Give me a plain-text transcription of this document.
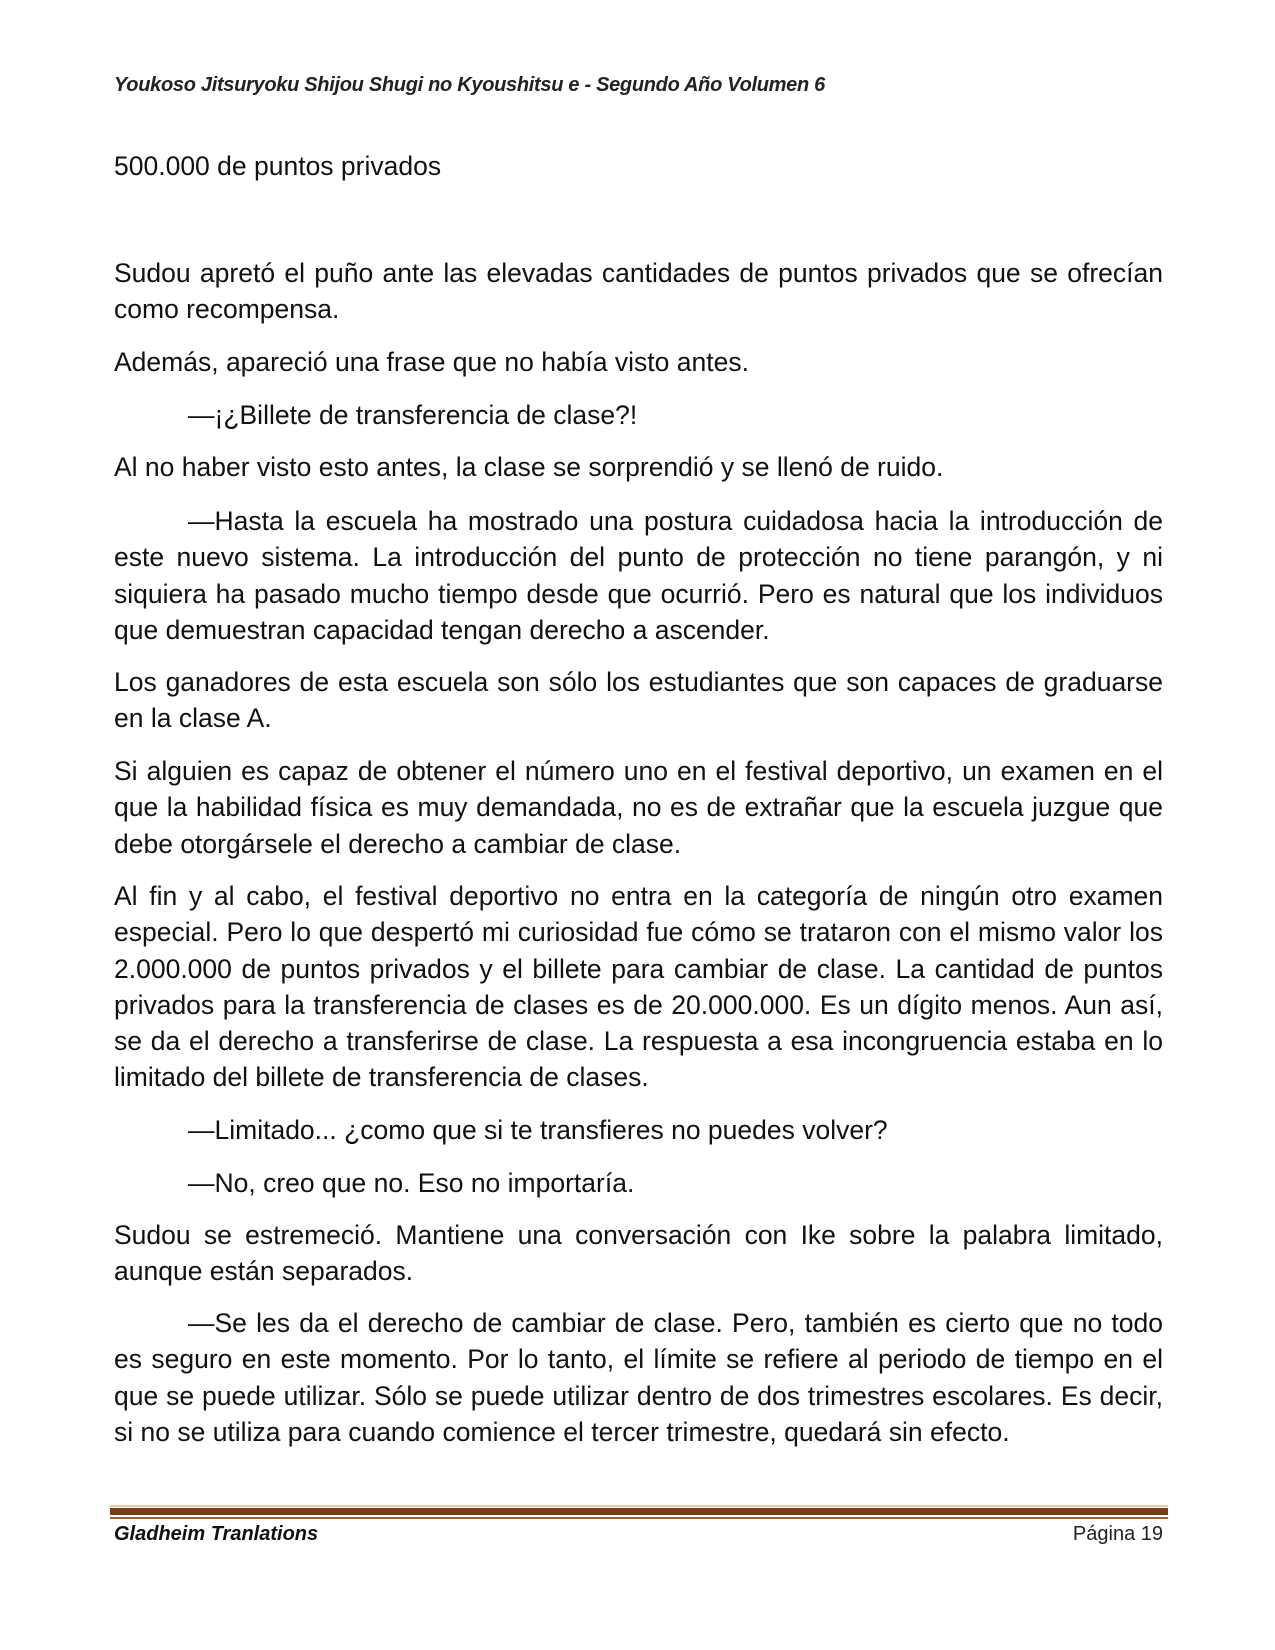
Youkoso Jitsuryoku Shijou Shugi no Kyoushitsu e - Segundo Año Volumen 6

500.000 de puntos privados

Sudou apretó el puño ante las elevadas cantidades de puntos privados que se ofrecían como recompensa.

Además, apareció una frase que no había visto antes.

—¡¿Billete de transferencia de clase?!

Al no haber visto esto antes, la clase se sorprendió y se llenó de ruido.

—Hasta la escuela ha mostrado una postura cuidadosa hacia la introducción de este nuevo sistema. La introducción del punto de protección no tiene parangón, y ni siquiera ha pasado mucho tiempo desde que ocurrió. Pero es natural que los individuos que demuestran capacidad tengan derecho a ascender.

Los ganadores de esta escuela son sólo los estudiantes que son capaces de graduarse en la clase A.

Si alguien es capaz de obtener el número uno en el festival deportivo, un examen en el que la habilidad física es muy demandada, no es de extrañar que la escuela juzgue que debe otorgársele el derecho a cambiar de clase.

Al fin y al cabo, el festival deportivo no entra en la categoría de ningún otro examen especial. Pero lo que despertó mi curiosidad fue cómo se trataron con el mismo valor los 2.000.000 de puntos privados y el billete para cambiar de clase. La cantidad de puntos privados para la transferencia de clases es de 20.000.000. Es un dígito menos. Aun así, se da el derecho a transferirse de clase. La respuesta a esa incongruencia estaba en lo limitado del billete de transferencia de clases.

—Limitado... ¿como que si te transfieres no puedes volver?

—No, creo que no. Eso no importaría.

Sudou se estremeció. Mantiene una conversación con Ike sobre la palabra limitado, aunque están separados.

—Se les da el derecho de cambiar de clase. Pero, también es cierto que no todo es seguro en este momento. Por lo tanto, el límite se refiere al periodo de tiempo en el que se puede utilizar. Sólo se puede utilizar dentro de dos trimestres escolares. Es decir, si no se utiliza para cuando comience el tercer trimestre, quedará sin efecto.

Gladheim Tranlations	Página 19
